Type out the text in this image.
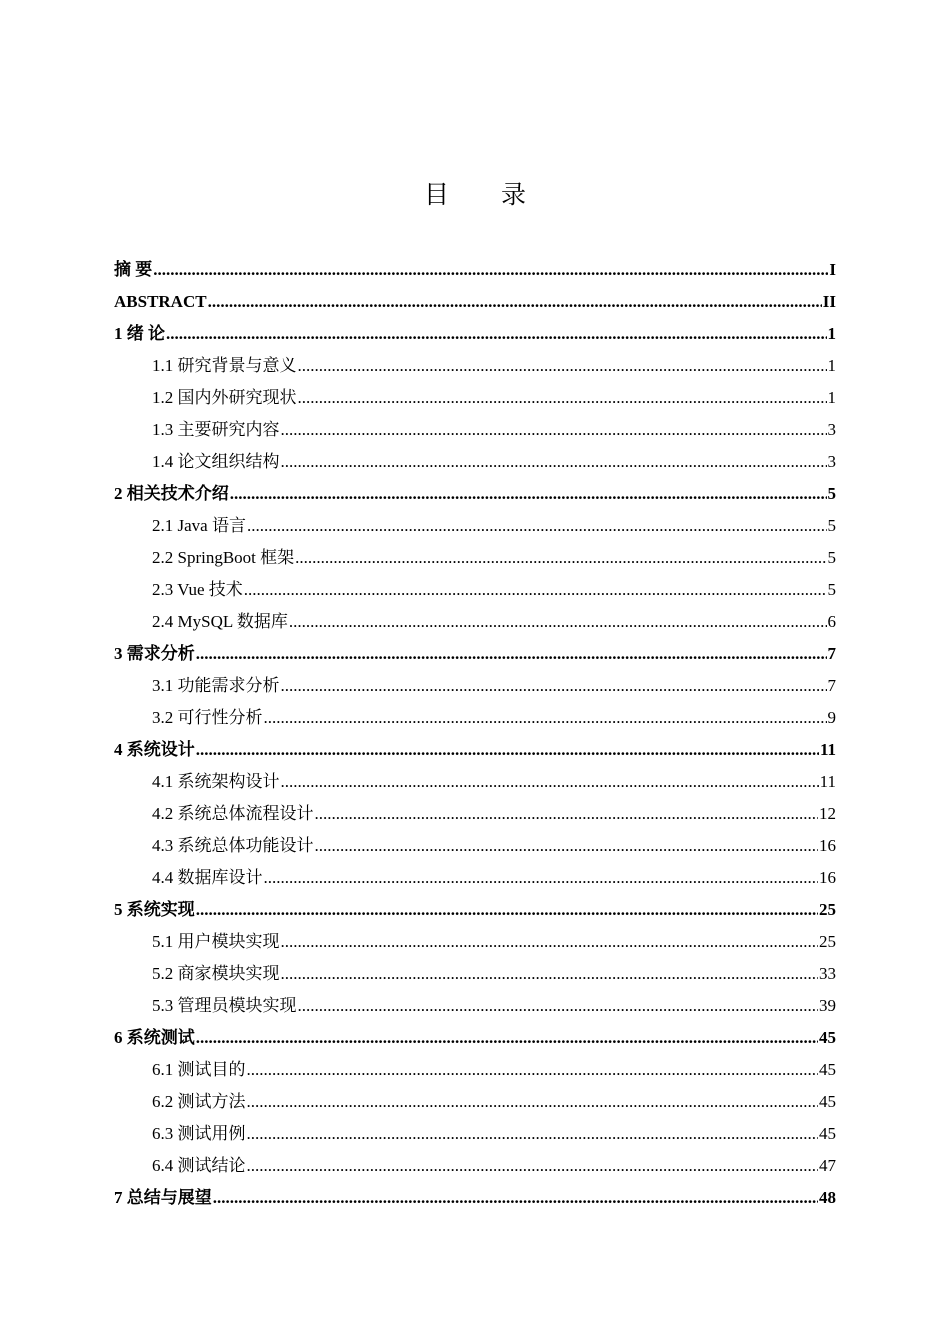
目 录
摘 要 .....	I
ABSTRACT .....	II
1 绪 论 .....	1
1.1 研究背景与意义 .....	1
1.2 国内外研究现状 .....	1
1.3 主要研究内容 .....	3
1.4 论文组织结构 .....	3
2 相关技术介绍 .....	5
2.1 Java 语言 .....	5
2.2 SpringBoot 框架 .....	5
2.3 Vue 技术 .....	5
2.4 MySQL 数据库 .....	6
3 需求分析 .....	7
3.1 功能需求分析 .....	7
3.2 可行性分析 .....	9
4 系统设计 .....	11
4.1 系统架构设计 .....	11
4.2 系统总体流程设计 .....	12
4.3 系统总体功能设计 .....	16
4.4 数据库设计 .....	16
5 系统实现 .....	25
5.1 用户模块实现 .....	25
5.2 商家模块实现 .....	33
5.3 管理员模块实现 .....	39
6 系统测试 .....	45
6.1 测试目的 .....	45
6.2 测试方法 .....	45
6.3 测试用例 .....	45
6.4 测试结论 .....	47
7 总结与展望 .....	48
